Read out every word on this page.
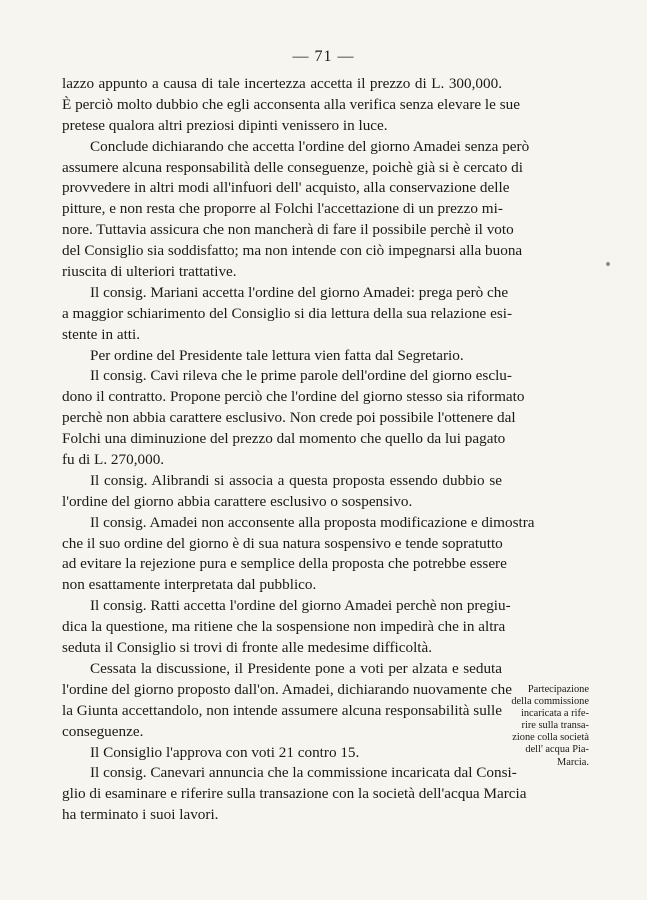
— 71 —
lazzo appunto a causa di tale incertezza accetta il prezzo di L. 300,000.
È perciò molto dubbio che egli acconsenta alla verifica senza elevare le sue
pretese qualora altri preziosi dipinti venissero in luce.
Conclude dichiarando che accetta l'ordine del giorno Amadei senza però
assumere alcuna responsabilità delle conseguenze, poichè già si è cercato di
provvedere in altri modi all'infuori dell' acquisto, alla conservazione delle
pitture, e non resta che proporre al Folchi l'accettazione di un prezzo mi-
nore. Tuttavia assicura che non mancherà di fare il possibile perchè il voto
del Consiglio sia soddisfatto; ma non intende con ciò impegnarsi alla buona
riuscita di ulteriori trattative.
Il consig. Mariani accetta l'ordine del giorno Amadei: prega però che
a maggior schiarimento del Consiglio si dia lettura della sua relazione esi-
stente in atti.
Per ordine del Presidente tale lettura vien fatta dal Segretario.
Il consig. Cavi rileva che le prime parole dell'ordine del giorno esclu-
dono il contratto. Propone perciò che l'ordine del giorno stesso sia riformato
perchè non abbia carattere esclusivo. Non crede poi possibile l'ottenere dal
Folchi una diminuzione del prezzo dal momento che quello da lui pagato
fu di L. 270,000.
Il consig. Alibrandi si associa a questa proposta essendo dubbio se
l'ordine del giorno abbia carattere esclusivo o sospensivo.
Il consig. Amadei non acconsente alla proposta modificazione e dimostra
che il suo ordine del giorno è di sua natura sospensivo e tende sopratutto
ad evitare la rejezione pura e semplice della proposta che potrebbe essere
non esattamente interpretata dal pubblico.
Il consig. Ratti accetta l'ordine del giorno Amadei perchè non pregiu-
dica la questione, ma ritiene che la sospensione non impedirà che in altra
seduta il Consiglio si trovi di fronte alle medesime difficoltà.
Cessata la discussione, il Presidente pone a voti per alzata e seduta
l'ordine del giorno proposto dall'on. Amadei, dichiarando nuovamente che
la Giunta accettandolo, non intende assumere alcuna responsabilità sulle
conseguenze.
Il Consiglio l'approva con voti 21 contro 15.
Il consig. Canevari annuncia che la commissione incaricata dal Consi-
glio di esaminare e riferire sulla transazione con la società dell'acqua Marcia
ha terminato i suoi lavori.
Partecipazione
della commissione
incaricata a rife-
rire sulla transa-
zione colla società
dell' acqua Pia-
Marcia.
